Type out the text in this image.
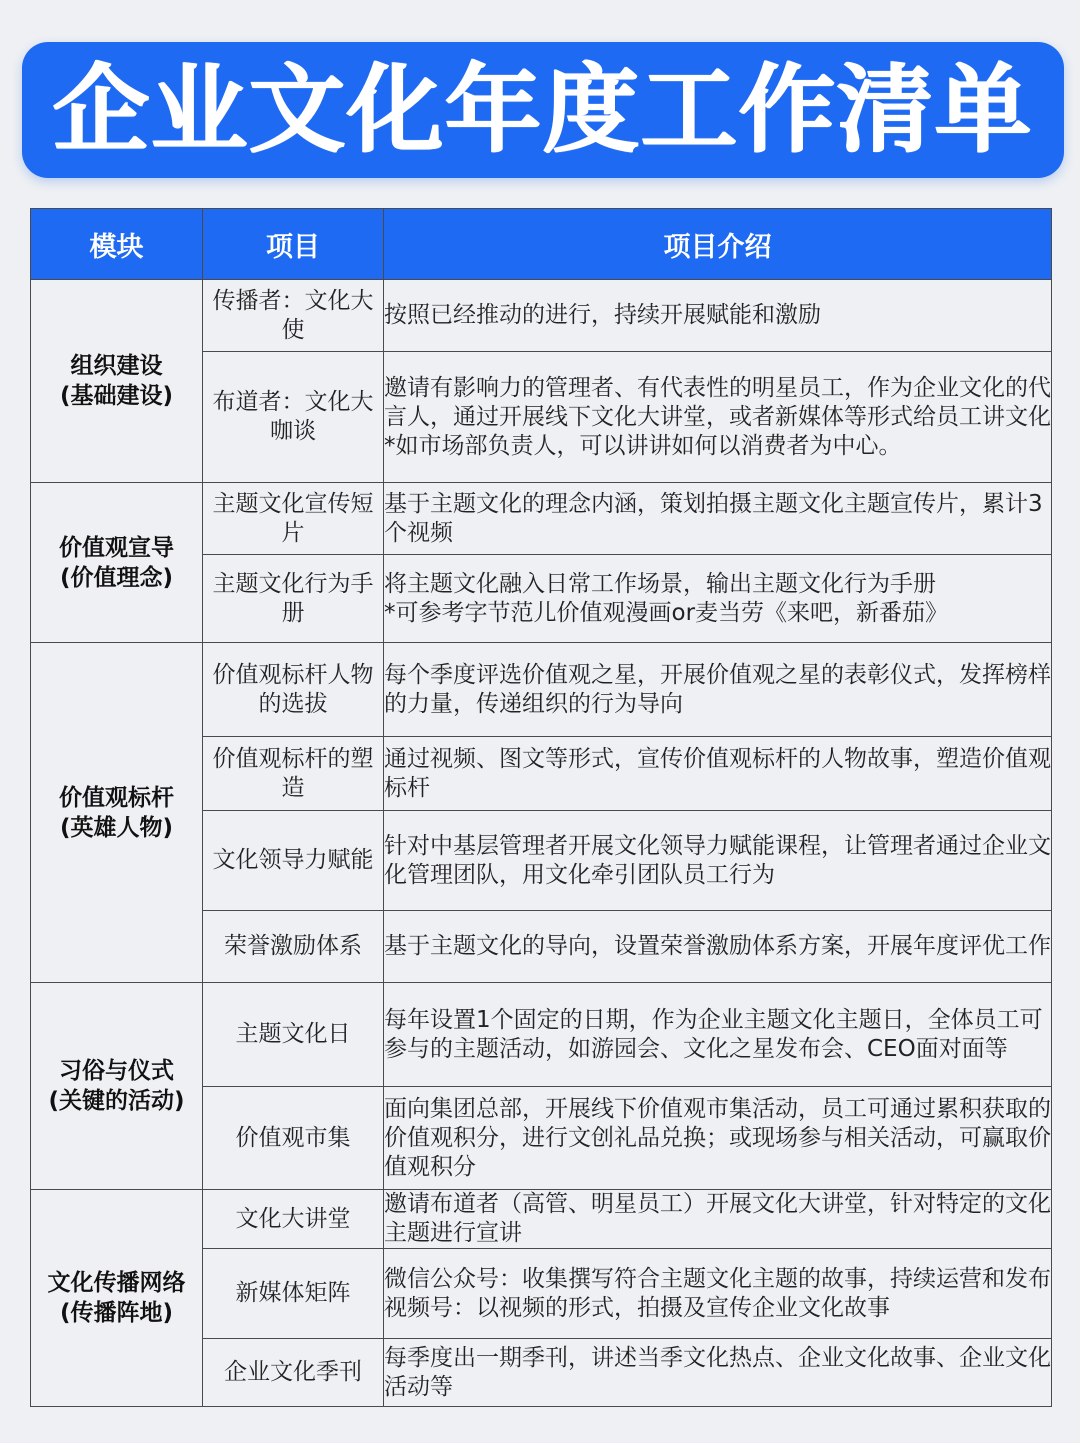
企业文化年度工作清单
模块	项目	项目介绍

组织建设
(基础建设)	传播者：文化大使	按照已经推动的进行，持续开展赋能和激励

	布道者：文化大咖谈	邀请有影响力的管理者、有代表性的明星员工，作为企业文化的代言人，通过开展线下文化大讲堂，或者新媒体等形式给员工讲文化
*如市场部负责人，可以讲讲如何以消费者为中心。

价值观宣导
(价值理念)	主题文化宣传短片	基于主题文化的理念内涵，策划拍摄主题文化主题宣传片，累计3个视频

	主题文化行为手册	将主题文化融入日常工作场景，输出主题文化行为手册
*可参考字节范儿价值观漫画or麦当劳《来吧，新番茄》

价值观标杆
(英雄人物)	价值观标杆人物的选拔	每个季度评选价值观之星，开展价值观之星的表彰仪式，发挥榜样的力量，传递组织的行为导向

	价值观标杆的塑造	通过视频、图文等形式，宣传价值观标杆的人物故事，塑造价值观标杆

	文化领导力赋能	针对中基层管理者开展文化领导力赋能课程，让管理者通过企业文化管理团队，用文化牵引团队员工行为

	荣誉激励体系	基于主题文化的导向，设置荣誉激励体系方案，开展年度评优工作

习俗与仪式
(关键的活动)	主题文化日	每年设置1个固定的日期，作为企业主题文化主题日，全体员工可参与的主题活动，如游园会、文化之星发布会、CEO面对面等

	价值观市集	面向集团总部，开展线下价值观市集活动，员工可通过累积获取的价值观积分，进行文创礼品兑换；或现场参与相关活动，可赢取价值观积分

文化传播网络
(传播阵地)	文化大讲堂	邀请布道者（高管、明星员工）开展文化大讲堂，针对特定的文化主题进行宣讲

	新媒体矩阵	微信公众号：收集撰写符合主题文化主题的故事，持续运营和发布
视频号：以视频的形式，拍摄及宣传企业文化故事

	企业文化季刊	每季度出一期季刊，讲述当季文化热点、企业文化故事、企业文化活动等
